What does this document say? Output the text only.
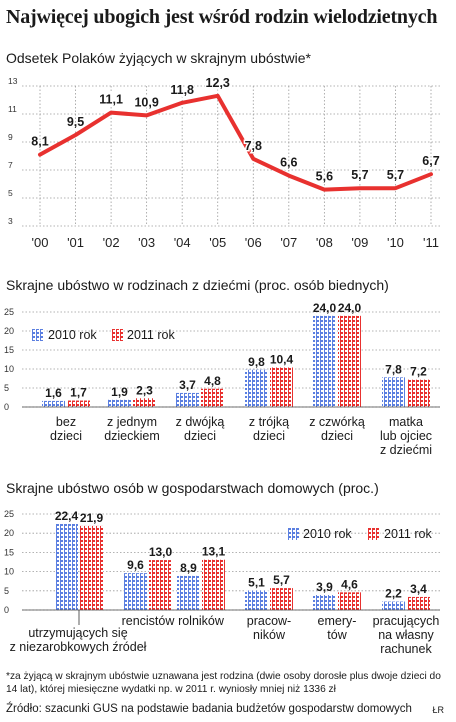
Najwięcej ubogich jest wśród rodzin wielodzietnych
Odsetek Polaków żyjących w skrajnym ubóstwie*
3
5
7
9
11
13
'00 '01 '02 '03 '04 '05 '06 '07 '08 '09 '10 '11
8,1
9,5
11,1 10,9
11,8 12,3
7,8
6,6
5,6 5,7 5,7
6,7
Skrajne ubóstwo w rodzinach z dziećmi (proc. osób biednych)
0
5
10
15
20
25
1,6 1,7
bez
dzieci
1,9 2,3
z jednym
dzieckiem
3,7 4,8
z dwójką
dzieci
9,8 10,4
z trójką
dzieci
24,0 24,0
z czwórką
dzieci
7,8 7,2
matka
lub ojciec
z dziećmi
2010 rok 2011 rok
Skrajne ubóstwo osób w gospodarstwach domowych (proc.)
0
5
10
15
20
25	22,4 21,9
utrzymujących się
z niezarobkowych źródeł
9,6
13,0
rencistów
8,9
13,1
rolników
5,1 5,7
pracow-
ników
3,9 4,6
emery-
tów
2,2 3,4
pracujących
na własny
rachunek
2010 rok	2011 rok
*za żyjącą w skrajnym ubóstwie uznawana jest rodzina (dwie osoby dorosłe plus dwoje dzieci do 14 lat), której miesięczne wydatki np. w 2011 r. wyniosły mniej niż 1336 zł
Źródło: szacunki GUS na podstawie badania budżetów gospodarstw domowych ŁR
